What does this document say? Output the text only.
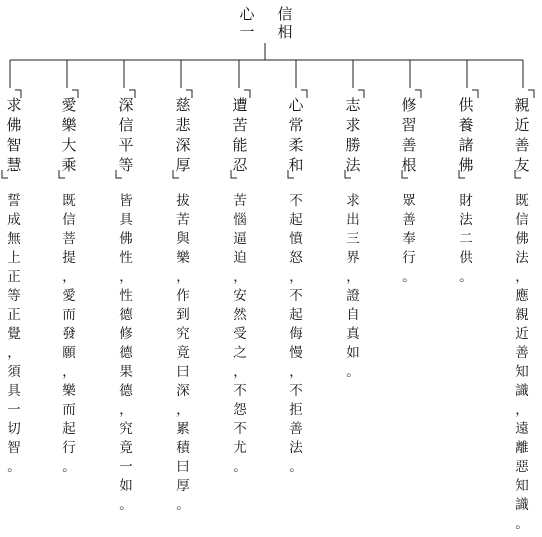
心
一
信
相
求
佛
智
慧
誓
成
無
上
正
等
正
覺
，
須
具
一
切
智
。
愛
樂
大
乘
既
信
菩
提
，
愛
而
發
願
，
樂
而
起
行
。
深
信
平
等
皆
具
佛
性
，
性
德
修
德
果
德
，
究
竟
一
如
。
慈
悲
深
厚
拔
苦
與
樂
，
作
到
究
竟
曰
深
，
累
積
曰
厚
。
遭
苦
能
忍
苦
惱
逼
迫
，
安
然
受
之
，
不
怨
不
尤
。
心
常
柔
和
不
起
憤
怒
，
不
起
侮
慢
，
不
拒
善
法
。
志
求
勝
法
求
出
三
界
，
證
自
真
如
。
修
習
善
根
眾
善
奉
行
。
供
養
諸
佛
財
法
二
供
。
親
近
善
友
既
信
佛
法
，
應
親
近
善
知
識
，
遠
離
惡
知
識
。
